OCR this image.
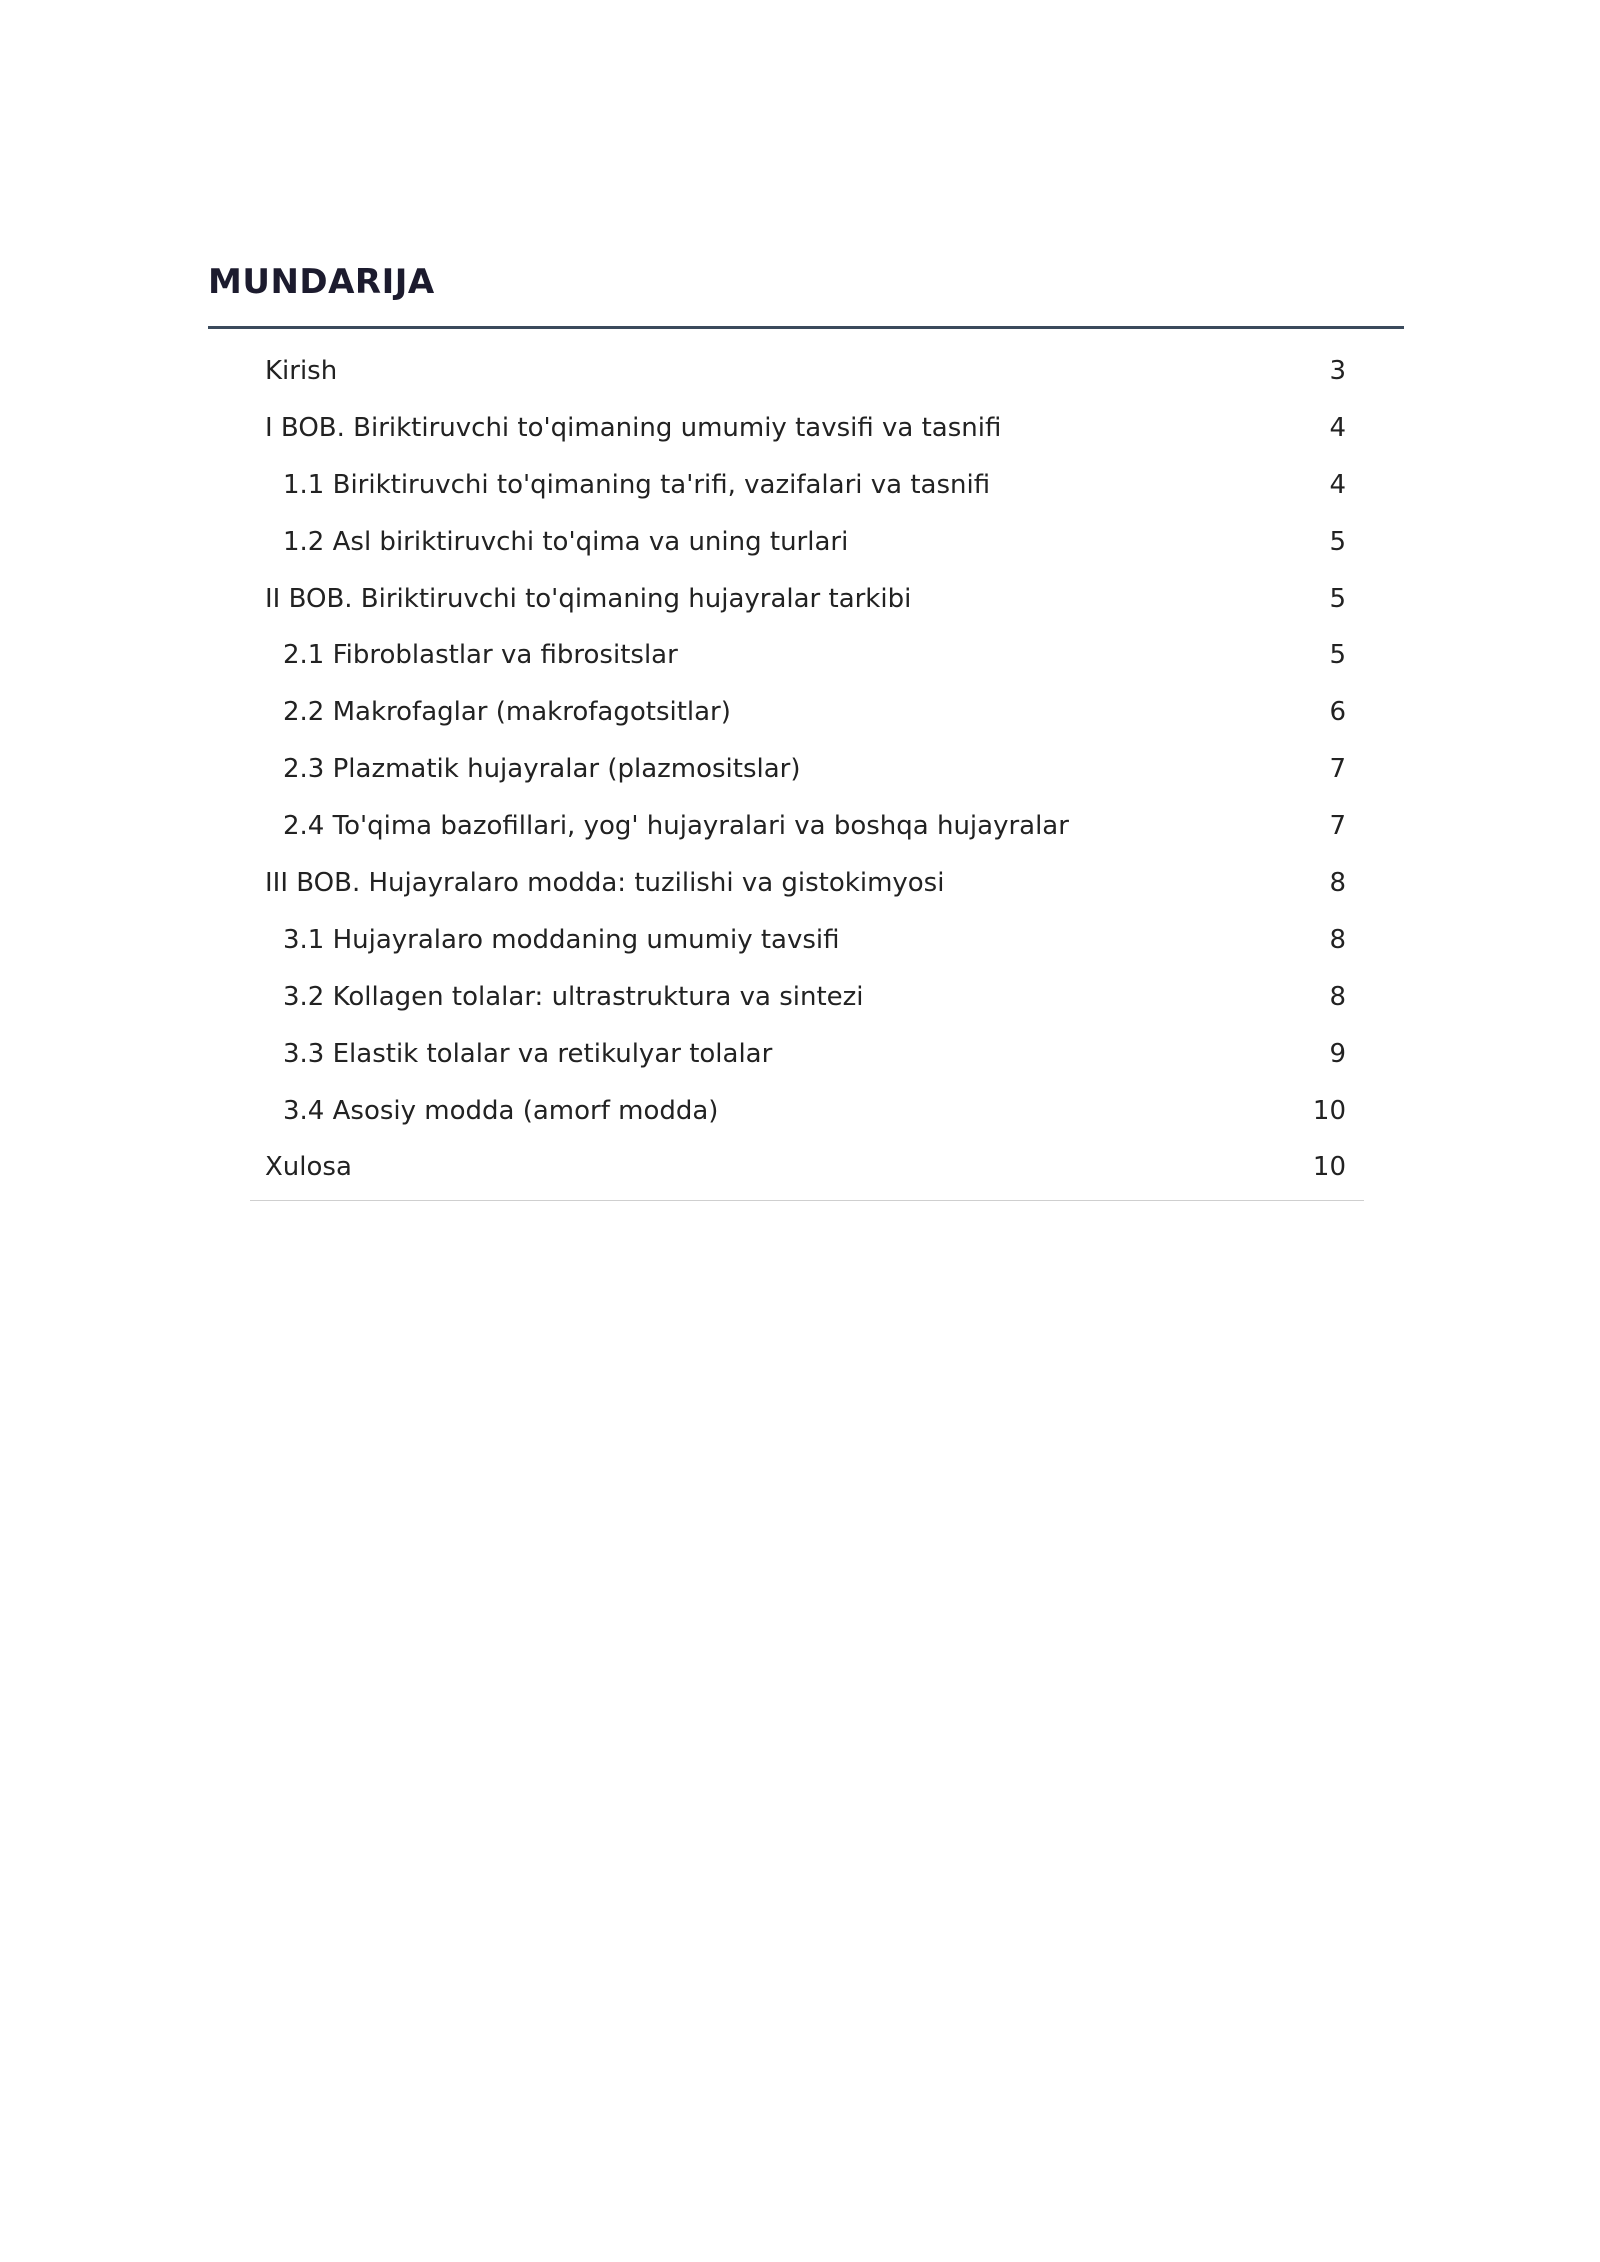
MUNDARIJA
Kirish	3
I BOB. Biriktiruvchi to'qimaning umumiy tavsifi va tasnifi	4
1.1 Biriktiruvchi to'qimaning ta'rifi, vazifalari va tasnifi	4
1.2 Asl biriktiruvchi to'qima va uning turlari	5
II BOB. Biriktiruvchi to'qimaning hujayralar tarkibi	5
2.1 Fibroblastlar va fibrositslar	5
2.2 Makrofaglar (makrofagotsitlar)	6
2.3 Plazmatik hujayralar (plazmositslar)	7
2.4 To'qima bazofillari, yog' hujayralari va boshqa hujayralar	7
III BOB. Hujayralaro modda: tuzilishi va gistokimyosi	8
3.1 Hujayralaro moddaning umumiy tavsifi	8
3.2 Kollagen tolalar: ultrastruktura va sintezi	8
3.3 Elastik tolalar va retikulyar tolalar	9
3.4 Asosiy modda (amorf modda)	10
Xulosa	10
